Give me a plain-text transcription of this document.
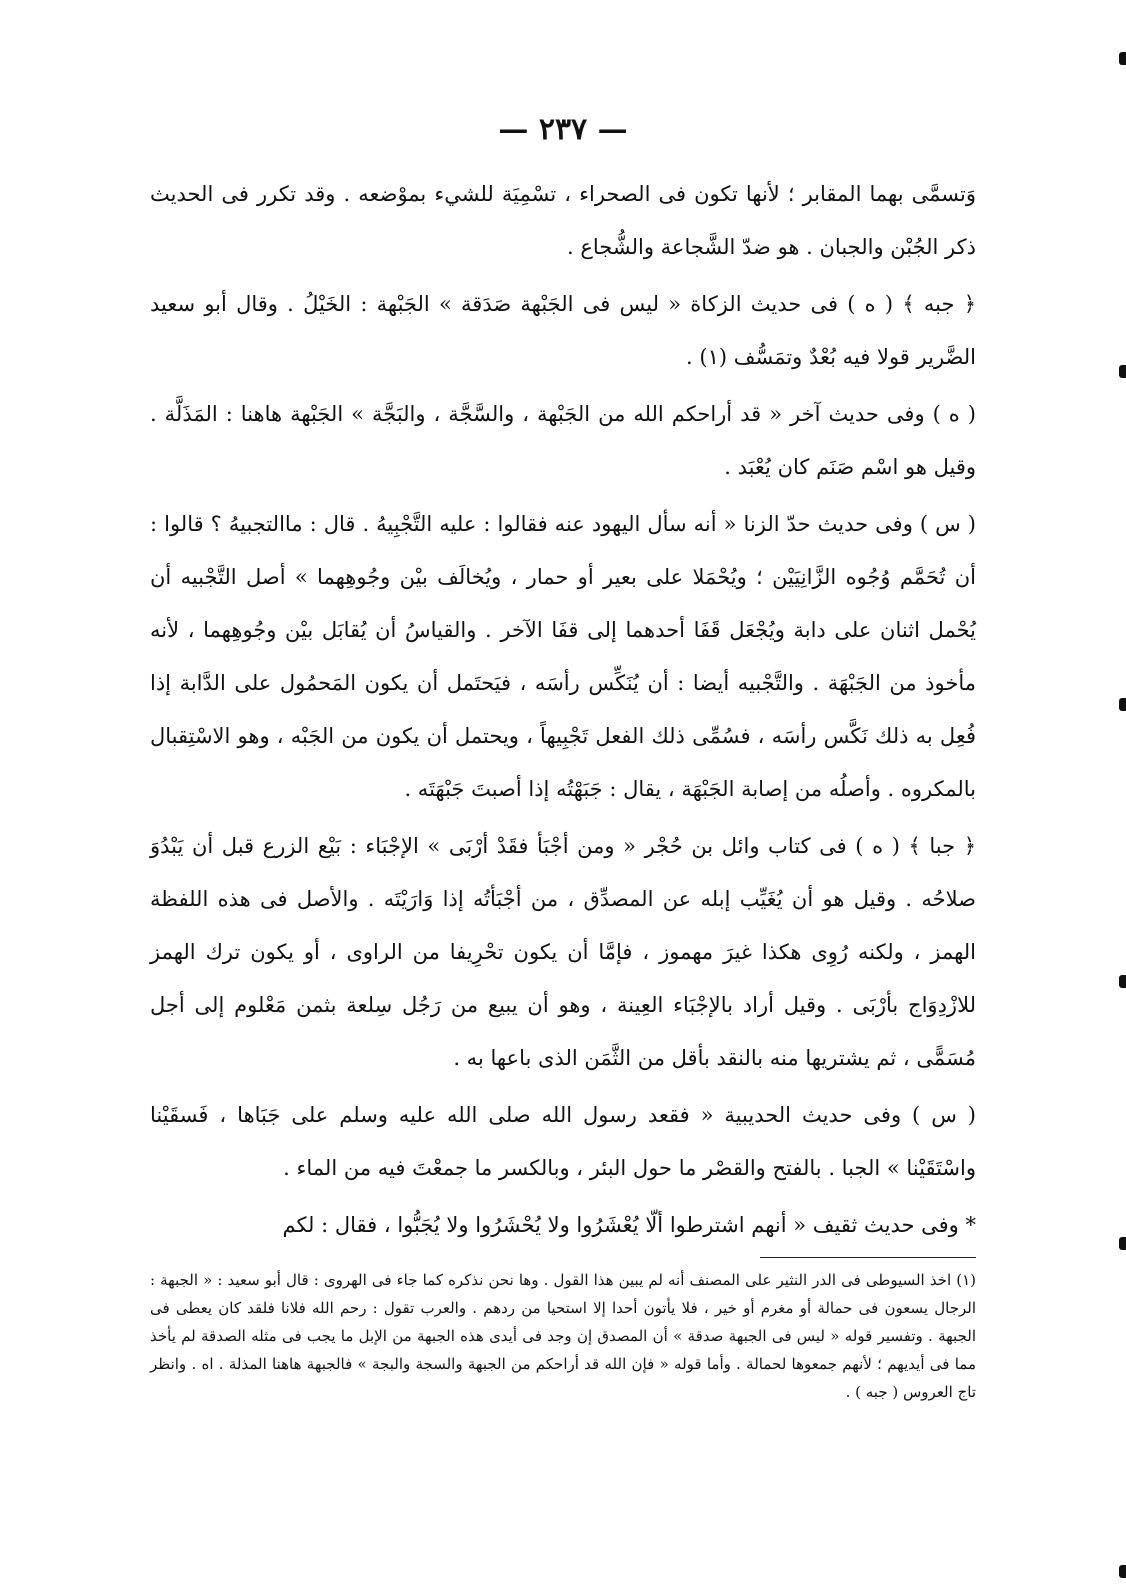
— ٢٣٧ —

وَتسمَّى بهما المقابر ؛ لأنها تكون فى الصحراء ، تسْمِيَة للشيء بموْضعه . وقد تكرر فى الحديث ذكر الجُبْن والجبان . هو ضدّ الشَّجاعة والشُّجاع .

﴿ جبه ﴾ ( ه ) فى حديث الزكاة « ليس فى الجَبْهة صَدَقة » الجَبْهة : الخَيْلُ . وقال أبو سعيد الضَّرير قولا فيه بُعْدٌ وتمَسُّف (١) .

( ه ) وفى حديث آخر « قد أراحكم الله من الجَبْهة ، والسَّجَّة ، والبَجَّة » الجَبْهة هاهنا : المَذَلَّة . وقيل هو اسْم صَنَم كان يُعْبَد .

( س ) وفى حديث حدّ الزنا « أنه سأل اليهود عنه فقالوا : عليه التَّجْبِيهُ . قال : ماالتجبيهُ ؟ قالوا : أن تُحَمَّم وُجُوه الزَّانِيَيْن ؛ ويُحْمَلا على بعير أو حمار ، ويُخالَف بيْن وجُوهِهما » أصل التَّجْبيه أن يُحْمل اثنان على دابة ويُجْعَل قَفَا أحدهما إلى قفَا الآخر . والقياسُ أن يُقابَل بيْن وجُوهِهما ، لأنه مأخوذ من الجَبْهَة . والتَّجْبيه أيضا : أن يُنَكِّس رأسَه ، فيَحتَمل أن يكون المَحمُول على الدَّابة إذا فُعِل به ذلك نَكَّس رأسَه ، فسُمِّى ذلك الفعل تَجْبِيهاً ، ويحتمل أن يكون من الجَبْه ، وهو الاسْتِقبال بالمكروه . وأصلُه من إصابة الجَبْهَة ، يقال : جَبَهْتُه إذا أصبتَ جَبْهَتَه .

﴿ جبا ﴾ ( ه ) فى كتاب وائل بن حُجْر « ومن أجْبَأ فقَدْ أرْبَى » الإجْبَاء : بَيْع الزرع قبل أن يَبْدُوَ صلاحُه . وقيل هو أن يُغَيِّب إبله عن المصدِّق ، من أجْبَأتُه إذا وَارَيْتَه . والأصل فى هذه اللفظة الهمز ، ولكنه رُوِى هكذا غيرَ مهموز ، فإمَّا أن يكون تحْرِيفا من الراوى ، أو يكون ترك الهمز للازْدِوَاج بأرْبَى . وقيل أراد بالإجْبَاء العِينة ، وهو أن يبيع من رَجُل سِلعة بثمن مَعْلوم إلى أجل مُسَمًّى ، ثم يشتريها منه بالنقد بأقل من الثَّمَن الذى باعها به .

( س ) وفى حديث الحديبية « فقعد رسول الله صلى الله عليه وسلم على جَبَاها ، فَسقَيْنا واسْتَقَيْنا » الجبا . بالفتح والقصْر ما حول البئر ، وبالكسر ما جمعْتَ فيه من الماء .

* وفى حديث ثقيف « أنهم اشترطوا ألّا يُعْشَرُوا ولا يُحْشَرُوا ولا يُجَبُّوا ، فقال : لكم

(١) اخذ السيوطى فى الدر النثير على المصنف أنه لم يبين هذا القول . وها نحن نذكره كما جاء فى الهروى : قال أبو سعيد : « الجبهة : الرجال يسعون فى حمالة أو مغرم أو خير ، فلا يأتون أحدا إلا استحيا من ردهم . والعرب تقول : رحم الله فلانا فلقد كان يعطى فى الجبهة . وتفسير قوله « ليس فى الجبهة صدقة » أن المصدق إن وجد فى أيدى هذه الجبهة من الإبل ما يجب فى مثله الصدقة لم يأخذ مما فى أيديهم ؛ لأنهم جمعوها لحمالة . وأما قوله « فإن الله قد أراحكم من الجبهة والسجة والبجة » فالجبهة هاهنا المذلة . اه . وانظر تاج العروس ( جبه ) .
